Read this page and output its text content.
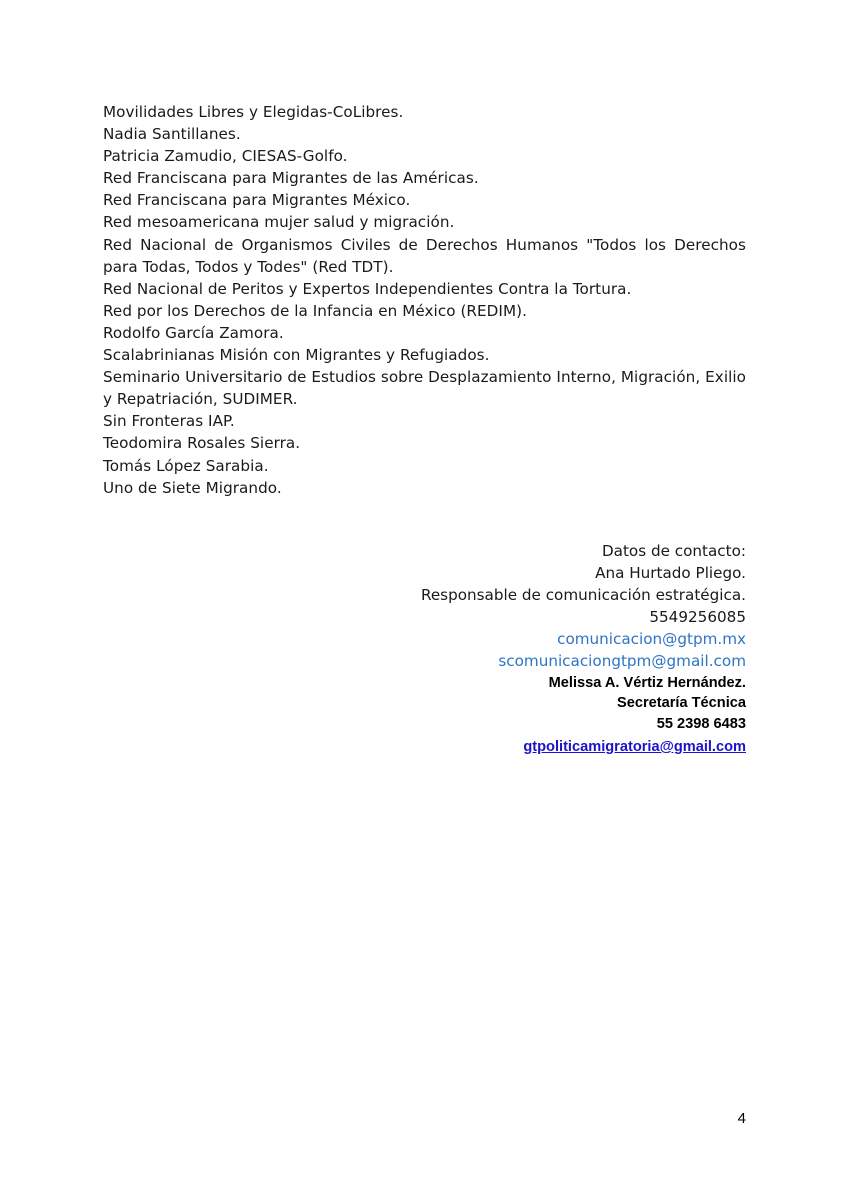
Movilidades Libres y Elegidas-CoLibres.

Nadia Santillanes.

Patricia Zamudio, CIESAS-Golfo.

Red Franciscana para Migrantes de las Américas.

Red Franciscana para Migrantes México.

Red mesoamericana mujer salud y migración.

Red Nacional de Organismos Civiles de Derechos Humanos "Todos los Derechos para Todas, Todos y Todes" (Red TDT).

Red Nacional de Peritos y Expertos Independientes Contra la Tortura.

Red por los Derechos de la Infancia en México (REDIM).

Rodolfo García Zamora.

Scalabrinianas Misión con Migrantes y Refugiados.

Seminario Universitario de Estudios sobre Desplazamiento Interno, Migración, Exilio y Repatriación, SUDIMER.

Sin Fronteras IAP.

Teodomira Rosales Sierra.

Tomás López Sarabia.

Uno de Siete Migrando.

Datos de contacto:

Ana Hurtado Pliego.

Responsable de comunicación estratégica.

5549256085

comunicacion@gtpm.mx

scomunicaciongtpm@gmail.com

Melissa A. Vértiz Hernández.

Secretaría Técnica

55 2398 6483

gtpoliticamigratoria@gmail.com

4
